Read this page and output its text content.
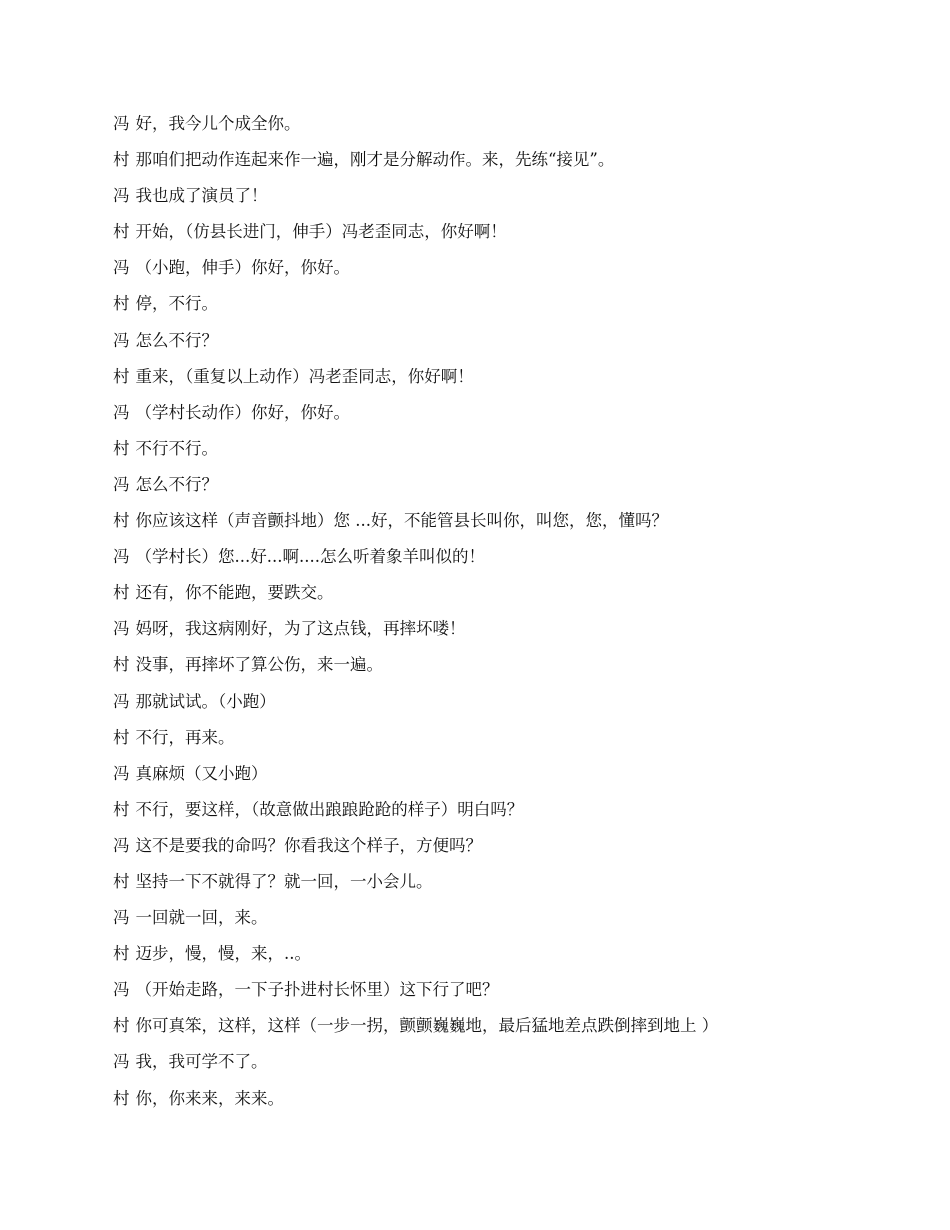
冯 好，我今儿个成全你。
村 那咱们把动作连起来作一遍，刚才是分解动作。来，先练“接见”。
冯 我也成了演员了！
村 开始，（仿县长进门，伸手）冯老歪同志，你好啊！
冯 （小跑，伸手）你好，你好。
村 停，不行。
冯 怎么不行？
村 重来，（重复以上动作）冯老歪同志，你好啊！
冯 （学村长动作）你好，你好。
村 不行不行。
冯 怎么不行？
村 你应该这样（声音颤抖地）您 ...好，不能管县长叫你，叫您，您，懂吗？
冯 （学村长）您...好...啊....怎么听着象羊叫似的！
村 还有，你不能跑，要跌交。
冯 妈呀，我这病刚好，为了这点钱，再摔坏喽！
村 没事，再摔坏了算公伤，来一遍。
冯 那就试试。（小跑）
村 不行，再来。
冯 真麻烦（又小跑）
村 不行，要这样，（故意做出踉踉跄跄的样子）明白吗？
冯 这不是要我的命吗？你看我这个样子，方便吗？
村 坚持一下不就得了？就一回，一小会儿。
冯 一回就一回，来。
村 迈步，慢，慢，来，..。
冯 （开始走路，一下子扑进村长怀里）这下行了吧？
村 你可真笨，这样，这样（一步一拐，颤颤巍巍地，最后猛地差点跌倒摔到地上 ）
冯 我，我可学不了。
村 你，你来来，来来。
